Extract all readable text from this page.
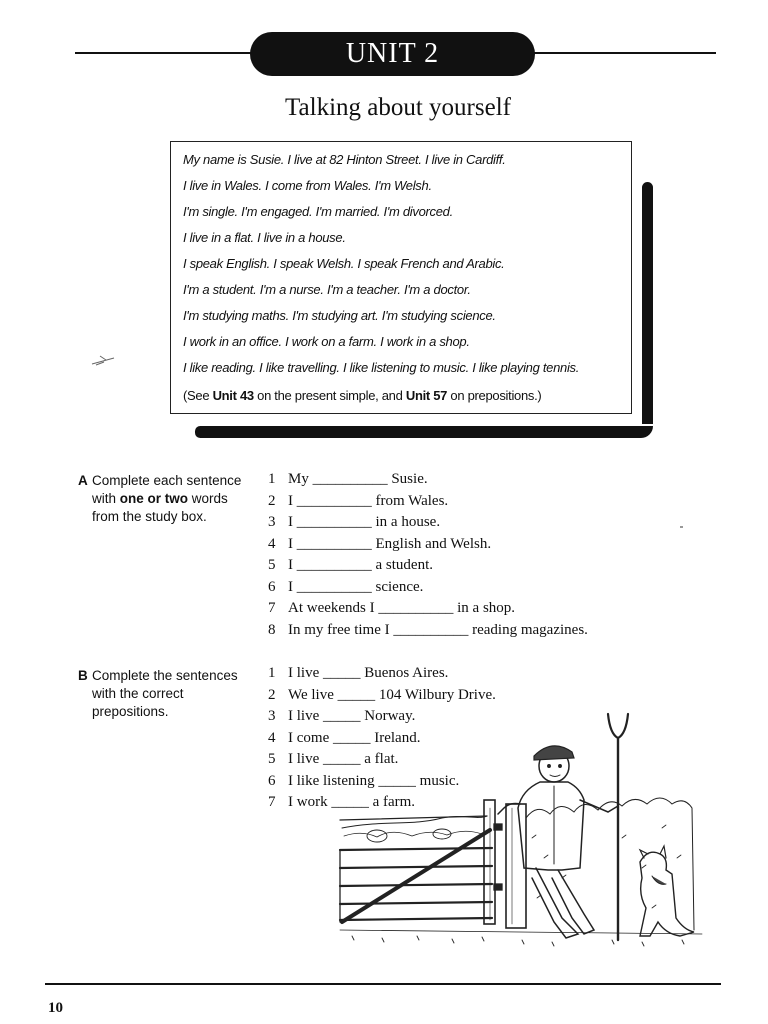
UNIT 2
Talking about yourself
My name is Susie. I live at 82 Hinton Street. I live in Cardiff.
I live in Wales. I come from Wales. I'm Welsh.
I'm single. I'm engaged. I'm married. I'm divorced.
I live in a flat. I live in a house.
I speak English. I speak Welsh. I speak French and Arabic.
I'm a student. I'm a nurse. I'm a teacher. I'm a doctor.
I'm studying maths. I'm studying art. I'm studying science.
I work in an office. I work on a farm. I work in a shop.
I like reading. I like travelling. I like listening to music. I like playing tennis.
(See Unit 43 on the present simple, and Unit 57 on prepositions.)
A Complete each sentence
with one or two words
from the study box.
1 My
__________
Susie.
2 I
__________
from Wales.
3 I
__________
in a house.
4 I
__________
English and Welsh.
5 I
__________
a student.
6 I
__________
science.
7 At weekends I
__________
in a shop.
8 In my free time I
__________
reading magazines.
B Complete the sentences
with the correct
prepositions.
1 I live
_____
Buenos Aires.
2 We live
_____
104 Wilbury Drive.
3 I live
_____
Norway.
4 I come
_____
Ireland.
5 I live
_____
a flat.
6 I like listening
_____
music.
7 I work
_____
a farm.
10
